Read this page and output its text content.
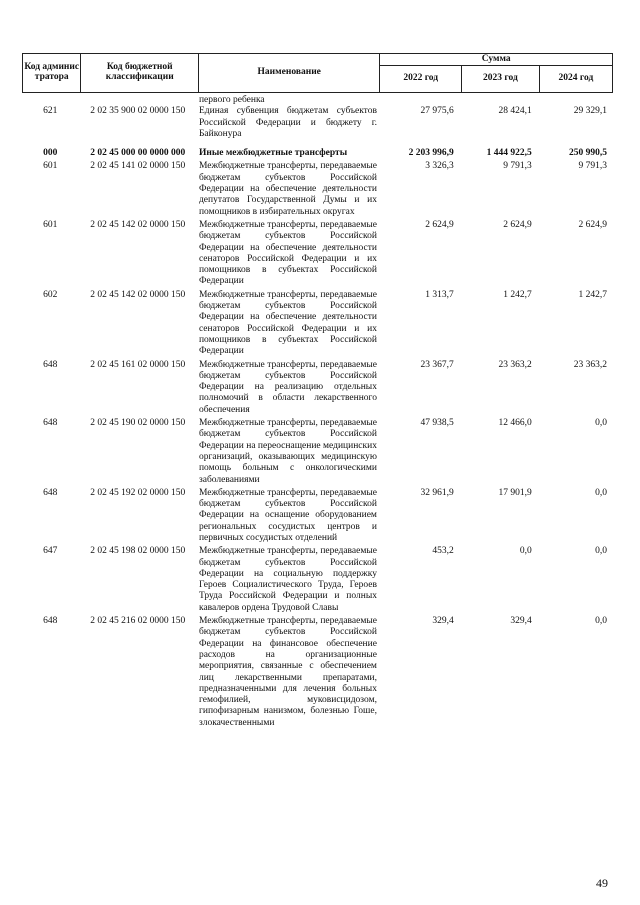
Код админис тратора	Код бюджетной классификации	Наименование	Сумма		
			2022 год	2023 год	2024 год
		первого ребенка			
621	2 02 35 900 02 0000 150	Единая субвенция бюджетам субъектов Российской Федерации и бюджету г. Байконура	27 975,6	28 424,1	29 329,1

000	2 02 45 000 00 0000 000	Иные межбюджетные трансферты	2 203 996,9	1 444 922,5	250 990,5
601	2 02 45 141 02 0000 150	Межбюджетные трансферты, передаваемые бюджетам субъектов Российской Федерации на обеспечение деятельности депутатов Государственной Думы и их помощников в избирательных округах	3 326,3	9 791,3	9 791,3
601	2 02 45 142 02 0000 150	Межбюджетные трансферты, передаваемые бюджетам субъектов Российской Федерации на обеспечение деятельности сенаторов Российской Федерации и их помощников в субъектах Российской Федерации	2 624,9	2 624,9	2 624,9
602	2 02 45 142 02 0000 150	Межбюджетные трансферты, передаваемые бюджетам субъектов Российской Федерации на обеспечение деятельности сенаторов Российской Федерации и их помощников в субъектах Российской Федерации	1 313,7	1 242,7	1 242,7
648	2 02 45 161 02 0000 150	Межбюджетные трансферты, передаваемые бюджетам субъектов Российской Федерации на реализацию отдельных полномочий в области лекарственного обеспечения	23 367,7	23 363,2	23 363,2
648	2 02 45 190 02 0000 150	Межбюджетные трансферты, передаваемые бюджетам субъектов Российской Федерации на переоснащение медицинских организаций, оказывающих медицинскую помощь больным с онкологическими заболеваниями	47 938,5	12 466,0	0,0
648	2 02 45 192 02 0000 150	Межбюджетные трансферты, передаваемые бюджетам субъектов Российской Федерации на оснащение оборудованием региональных сосудистых центров и первичных сосудистых отделений	32 961,9	17 901,9	0,0
647	2 02 45 198 02 0000 150	Межбюджетные трансферты, передаваемые бюджетам субъектов Российской Федерации на социальную поддержку Героев Социалистического Труда, Героев Труда Российской Федерации и полных кавалеров ордена Трудовой Славы	453,2	0,0	0,0
648	2 02 45 216 02 0000 150	Межбюджетные трансферты, передаваемые бюджетам субъектов Российской Федерации на финансовое обеспечение расходов на организационные мероприятия, связанные с обеспечением лиц лекарственными препаратами, предназначенными для лечения больных гемофилией, муковисцидозом, гипофизарным нанизмом, болезнью Гоше, злокачественными	329,4	329,4	0,0
49
